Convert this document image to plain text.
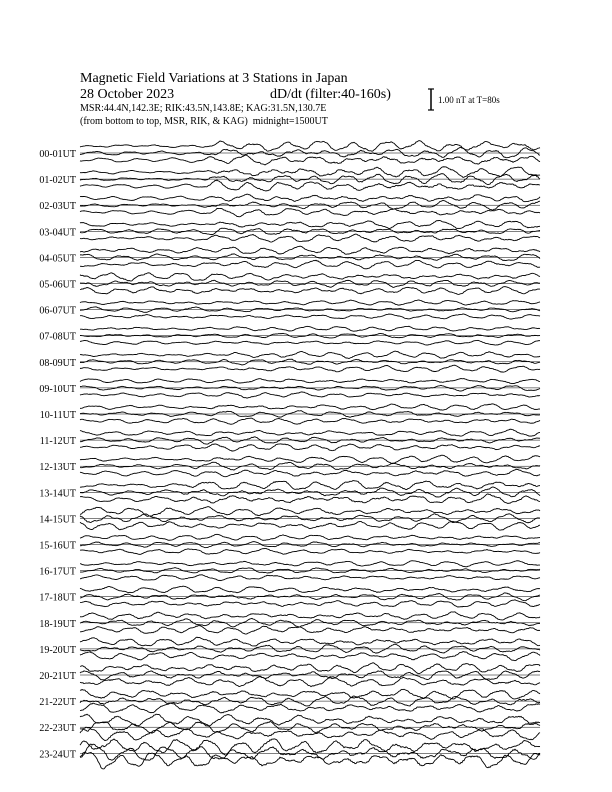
Magnetic Field Variations at 3 Stations in Japan
28 October 2023	dD/dt (filter:40-160s)
MSR:44.4N,142.3E; RIK:43.5N,143.8E; KAG:31.5N,130.7E
(from bottom to top, MSR, RIK, & KAG) midnight=1500UT
1.00 nT at T=80s
00-01UT
01-02UT
02-03UT
03-04UT
04-05UT
05-06UT
06-07UT
07-08UT
08-09UT
09-10UT
10-11UT
11-12UT
12-13UT
13-14UT
14-15UT
15-16UT
16-17UT
17-18UT
18-19UT
19-20UT
20-21UT
21-22UT
22-23UT
23-24UT
